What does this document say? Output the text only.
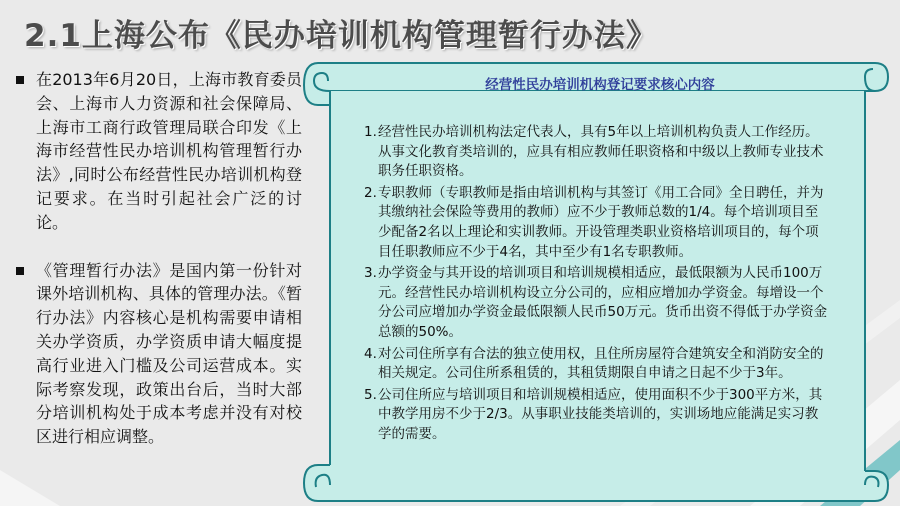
2.1上海公布《民办培训机构管理暂行办法》
在2013年6月20日，上海市教育委员会、上海市人力资源和社会保障局、上海市工商行政管理局联合印发《上海市经营性民办培训机构管理暂行办法》,同时公布经营性民办培训机构登记要求。在当时引起社会广泛的讨论。
《管理暂行办法》是国内第一份针对课外培训机构、具体的管理办法。《暂行办法》内容核心是机构需要申请相关办学资质，办学资质申请大幅度提高行业进入门槛及公司运营成本。实际考察发现，政策出台后，当时大部分培训机构处于成本考虑并没有对校区进行相应调整。
经营性民办培训机构登记要求核心内容
1. 经营性民办培训机构法定代表人，具有5年以上培训机构负责人工作经历。从事文化教育类培训的，应具有相应教师任职资格和中级以上教师专业技术职务任职资格。
2. 专职教师（专职教师是指由培训机构与其签订《用工合同》全日聘任，并为其缴纳社会保险等费用的教师）应不少于教师总数的1/4。每个培训项目至少配备2名以上理论和实训教师。开设管理类职业资格培训项目的，每个项目任职教师应不少于4名，其中至少有1名专职教师。
3. 办学资金与其开设的培训项目和培训规模相适应，最低限额为人民币100万元。经营性民办培训机构设立分公司的，应相应增加办学资金。每增设一个分公司应增加办学资金最低限额人民币50万元。货币出资不得低于办学资金总额的50%。
4. 对公司住所享有合法的独立使用权，且住所房屋符合建筑安全和消防安全的相关规定。公司住所系租赁的，其租赁期限自申请之日起不少于3年。
5. 公司住所应与培训项目和培训规模相适应，使用面积不少于300平方米，其中教学用房不少于2/3。从事职业技能类培训的，实训场地应能满足实习教学的需要。
